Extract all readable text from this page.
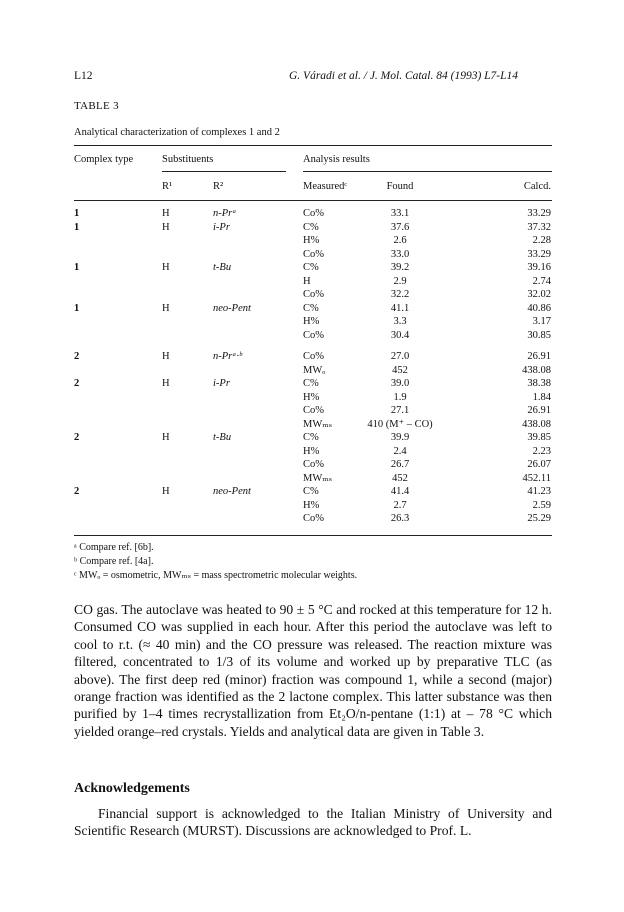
L12	G. Váradi et al. / J. Mol. Catal. 84 (1993) L7-L14
TABLE 3
Analytical characterization of complexes 1 and 2
Complex type	Substituents	Analysis results
R¹	R²	Measuredᶜ	Found	Calcd.
1	H	n-Prᵃ	Co%	33.1	33.29
1	H	i-Pr	C%	37.6	37.32
H%	2.6	2.28
Co%	33.0	33.29
1	H	t-Bu	C%	39.2	39.16
H	2.9	2.74
Co%	32.2	32.02
1	H	neo-Pent	C%	41.1	40.86
H%	3.3	3.17
Co%	30.4	30.85
2	H	n-Prᵃ·ᵇ	Co%	27.0	26.91
MWₒ	452	438.08
2	H	i-Pr	C%	39.0	38.38
H%	1.9	1.84
Co%	27.1	26.91
MWₘₛ	410 (M⁺ – CO)	438.08
2	H	t-Bu	C%	39.9	39.85
H%	2.4	2.23
Co%	26.7	26.07
MWₘₛ	452	452.11
2	H	neo-Pent	C%	41.4	41.23
H%	2.7	2.59
Co%	26.3	25.29
ᵃ Compare ref. [6b].
ᵇ Compare ref. [4a].
ᶜ MWₒ = osmometric, MWₘₛ = mass spectrometric molecular weights.
CO gas. The autoclave was heated to 90 ± 5 °C and rocked at this temperature for 12 h. Consumed CO was supplied in each hour. After this period the autoclave was left to cool to r.t. (≈ 40 min) and the CO pressure was released. The reaction mixture was filtered, concentrated to 1/3 of its volume and worked up by preparative TLC (as above). The first deep red (minor) fraction was compound 1, while a second (major) orange fraction was identified as the 2 lactone complex. This latter substance was then purified by 1–4 times recrystallization from Et₂O/n-pentane (1:1) at – 78 °C which yielded orange–red crystals. Yields and analytical data are given in Table 3.
Acknowledgements
Financial support is acknowledged to the Italian Ministry of University and Scientific Research (MURST). Discussions are acknowledged to Prof. L.
